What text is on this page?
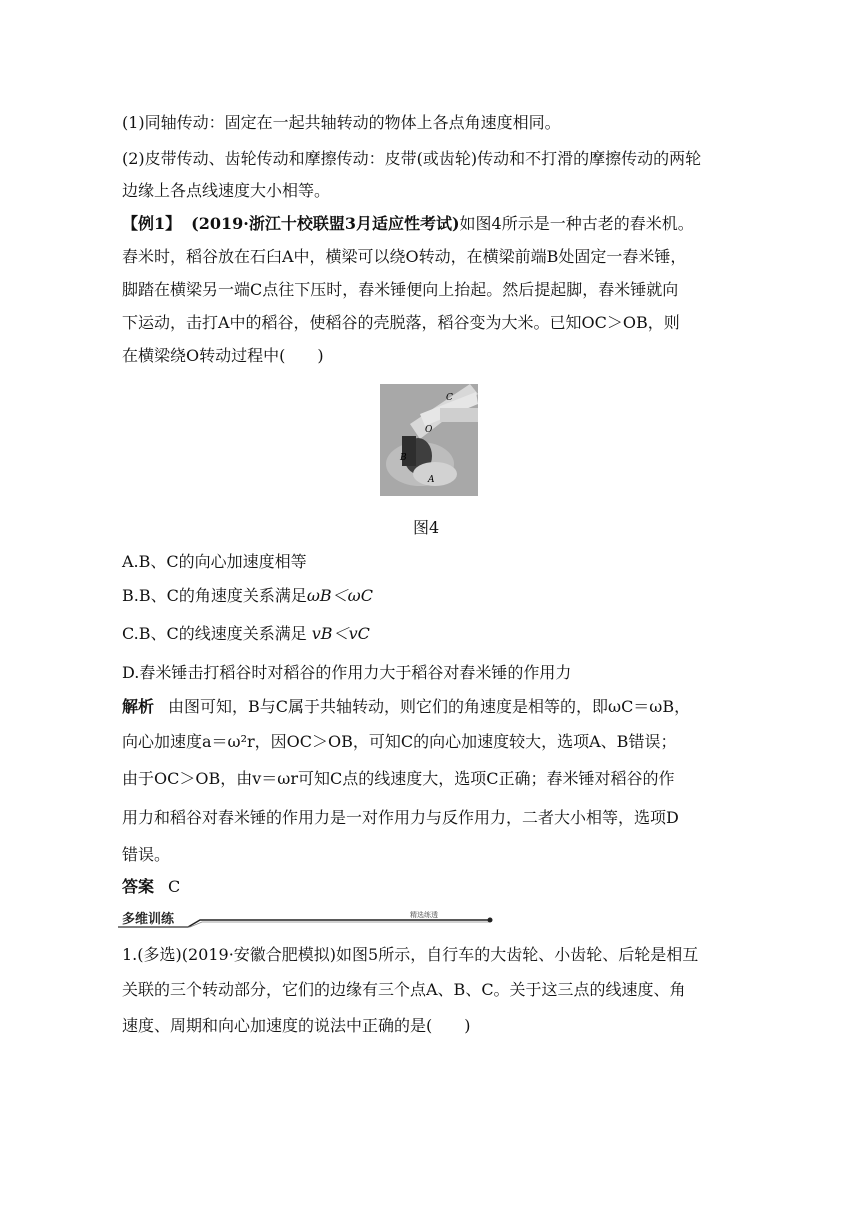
(1)同轴传动：固定在一起共轴转动的物体上各点角速度相同。
(2)皮带传动、齿轮传动和摩擦传动：皮带(或齿轮)传动和不打滑的摩擦传动的两轮
边缘上各点线速度大小相等。
【例1】 (2019·浙江十校联盟3月适应性考试)如图4所示是一种古老的舂米机。
舂米时，稻谷放在石臼A中，横梁可以绕O转动，在横梁前端B处固定一舂米锤，
脚踏在横梁另一端C点往下压时，舂米锤便向上抬起。然后提起脚，舂米锤就向
下运动，击打A中的稻谷，使稻谷的壳脱落，稻谷变为大米。已知OC＞OB，则
在横梁绕O转动过程中(　　)
C
O
B
A
图4
A.B、C的向心加速度相等
B.B、C的角速度关系满足ωB＜ωC
C.B、C的线速度关系满足 vB＜vC
D.舂米锤击打稻谷时对稻谷的作用力大于稻谷对舂米锤的作用力
解析 由图可知，B与C属于共轴转动，则它们的角速度是相等的，即ωC＝ωB，
向心加速度a＝ω²r，因OC＞OB，可知C的向心加速度较大，选项A、B错误；
由于OC＞OB，由v＝ωr可知C点的线速度大，选项C正确；舂米锤对稻谷的作
用力和稻谷对舂米锤的作用力是一对作用力与反作用力，二者大小相等，选项D
错误。
答案 C
多维训练	精选练透
1.(多选)(2019·安徽合肥模拟)如图5所示，自行车的大齿轮、小齿轮、后轮是相互
关联的三个转动部分，它们的边缘有三个点A、B、C。关于这三点的线速度、角
速度、周期和向心加速度的说法中正确的是(　　)
